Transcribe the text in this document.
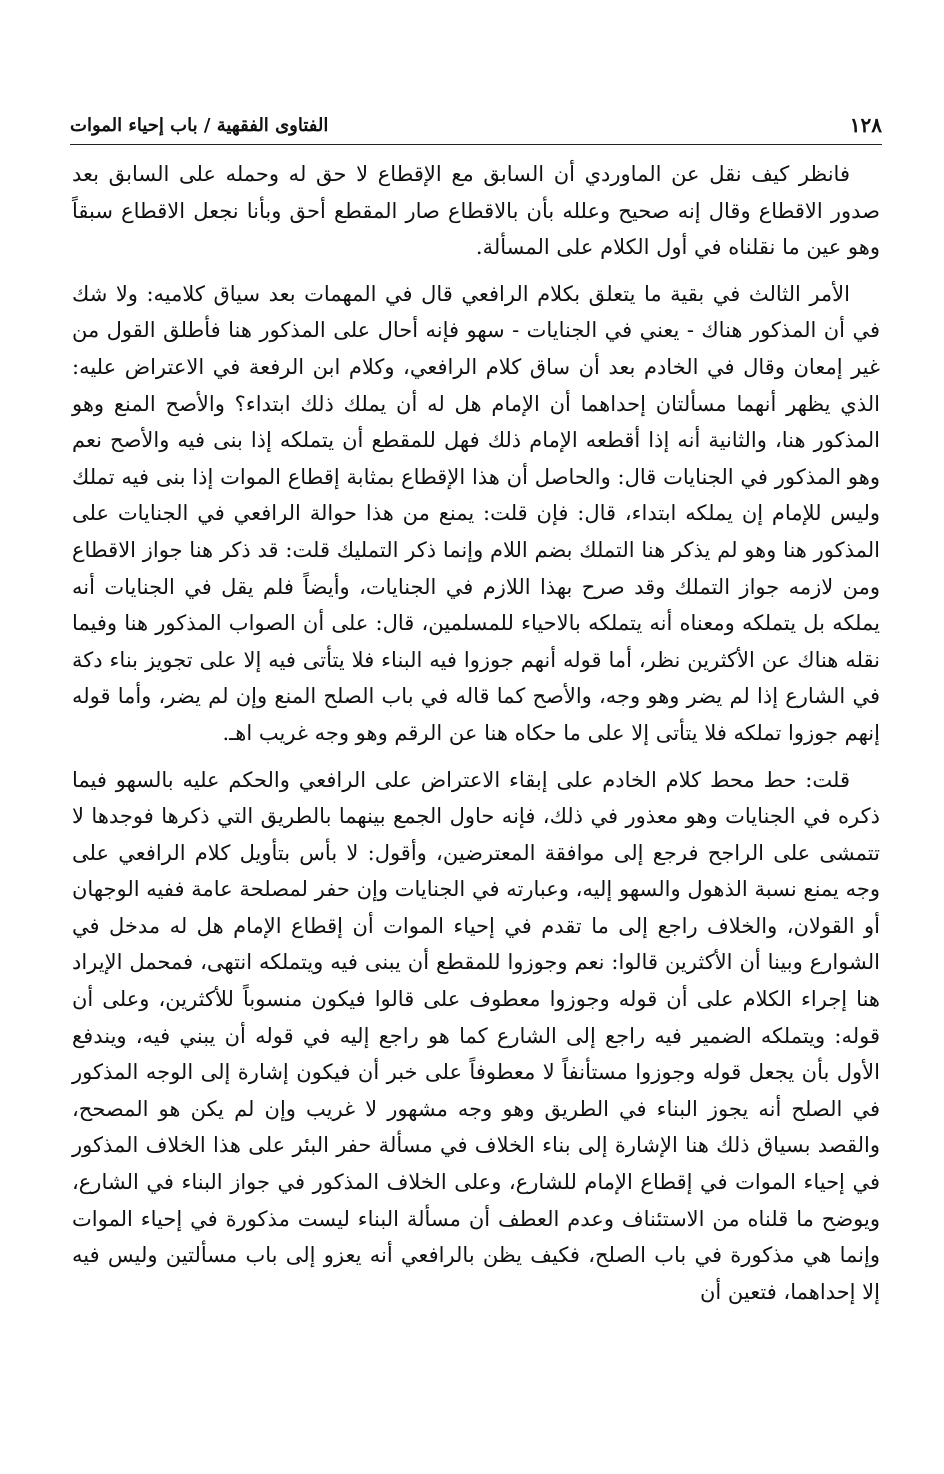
١٢٨
الفتاوى الفقهية / باب إحياء الموات

فانظر كيف نقل عن الماوردي أن السابق مع الإقطاع لا حق له وحمله على السابق بعد صدور الاقطاع وقال إنه صحيح وعلله بأن بالاقطاع صار المقطع أحق وبأنا نجعل الاقطاع سبقاً وهو عين ما نقلناه في أول الكلام على المسألة.

الأمر الثالث في بقية ما يتعلق بكلام الرافعي قال في المهمات بعد سياق كلاميه: ولا شك في أن المذكور هناك - يعني في الجنايات - سهو فإنه أحال على المذكور هنا فأطلق القول من غير إمعان وقال في الخادم بعد أن ساق كلام الرافعي، وكلام ابن الرفعة في الاعتراض عليه: الذي يظهر أنهما مسألتان إحداهما أن الإمام هل له أن يملك ذلك ابتداء؟ والأصح المنع وهو المذكور هنا، والثانية أنه إذا أقطعه الإمام ذلك فهل للمقطع أن يتملكه إذا بنى فيه والأصح نعم وهو المذكور في الجنايات قال: والحاصل أن هذا الإقطاع بمثابة إقطاع الموات إذا بنى فيه تملك وليس للإمام إن يملكه ابتداء، قال: فإن قلت: يمنع من هذا حوالة الرافعي في الجنايات على المذكور هنا وهو لم يذكر هنا التملك بضم اللام وإنما ذكر التمليك قلت: قد ذكر هنا جواز الاقطاع ومن لازمه جواز التملك وقد صرح بهذا اللازم في الجنايات، وأيضاً فلم يقل في الجنايات أنه يملكه بل يتملكه ومعناه أنه يتملكه بالاحياء للمسلمين، قال: على أن الصواب المذكور هنا وفيما نقله هناك عن الأكثرين نظر، أما قوله أنهم جوزوا فيه البناء فلا يتأتى فيه إلا على تجويز بناء دكة في الشارع إذا لم يضر وهو وجه، والأصح كما قاله في باب الصلح المنع وإن لم يضر، وأما قوله إنهم جوزوا تملكه فلا يتأتى إلا على ما حكاه هنا عن الرقم وهو وجه غريب اهـ.

قلت: حط محط كلام الخادم على إبقاء الاعتراض على الرافعي والحكم عليه بالسهو فيما ذكره في الجنايات وهو معذور في ذلك، فإنه حاول الجمع بينهما بالطريق التي ذكرها فوجدها لا تتمشى على الراجح فرجع إلى موافقة المعترضين، وأقول: لا بأس بتأويل كلام الرافعي على وجه يمنع نسبة الذهول والسهو إليه، وعبارته في الجنايات وإن حفر لمصلحة عامة ففيه الوجهان أو القولان، والخلاف راجع إلى ما تقدم في إحياء الموات أن إقطاع الإمام هل له مدخل في الشوارع وبينا أن الأكثرين قالوا: نعم وجوزوا للمقطع أن يبنى فيه ويتملكه انتهى، فمحمل الإيراد هنا إجراء الكلام على أن قوله وجوزوا معطوف على قالوا فيكون منسوباً للأكثرين، وعلى أن قوله: ويتملكه الضمير فيه راجع إلى الشارع كما هو راجع إليه في قوله أن يبني فيه، ويندفع الأول بأن يجعل قوله وجوزوا مستأنفاً لا معطوفاً على خبر أن فيكون إشارة إلى الوجه المذكور في الصلح أنه يجوز البناء في الطريق وهو وجه مشهور لا غريب وإن لم يكن هو المصحح، والقصد بسياق ذلك هنا الإشارة إلى بناء الخلاف في مسألة حفر البئر على هذا الخلاف المذكور في إحياء الموات في إقطاع الإمام للشارع، وعلى الخلاف المذكور في جواز البناء في الشارع، ويوضح ما قلناه من الاستئناف وعدم العطف أن مسألة البناء ليست مذكورة في إحياء الموات وإنما هي مذكورة في باب الصلح، فكيف يظن بالرافعي أنه يعزو إلى باب مسألتين وليس فيه إلا إحداهما، فتعين أن
